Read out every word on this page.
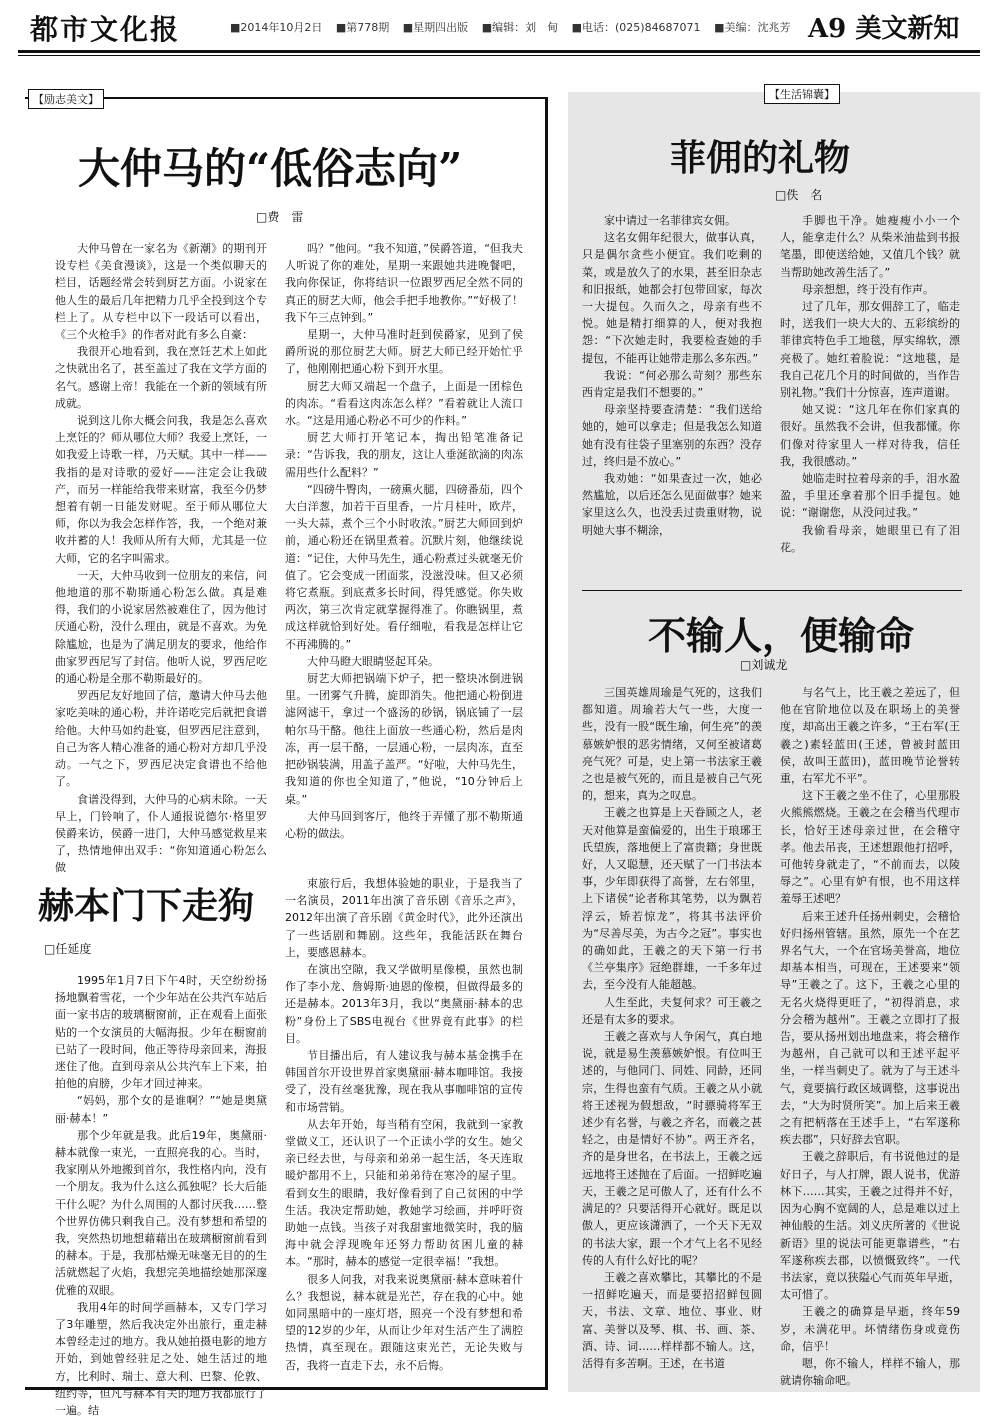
都市文化报	■2014年10月2日 ■第778期 ■星期四出版 ■编辑：刘　甸 ■电话：(025)84687071 ■美编：沈兆芳 A9 美文新知
【励志美文】	【生活锦囊】
大仲马的“低俗志向”
□费　雷

大仲马曾在一家名为《新潮》的期刊开设专栏《美食漫谈》，这是一个类似聊天的栏目，话题经常会转到厨艺方面。小说家在他人生的最后几年把精力几乎全投到这个专栏上了。从专栏中以下一段话可以看出，《三个火枪手》的作者对此有多么自豪：

我很开心地看到，我在烹饪艺术上如此之快就出名了，甚至盖过了我在文学方面的名气。感谢上帝！我能在一个新的领域有所成就。

说到这儿你大概会问我，我是怎么喜欢上烹饪的？师从哪位大师？我爱上烹饪，一如我爱上诗歌一样，乃天赋。其中一样——我指的是对诗歌的爱好——注定会让我破产，而另一样能给我带来财富，我至今仍梦想着有朝一日能发财呢。至于师从哪位大师，你以为我会怎样作答，我，一个绝对兼收并蓄的人！我师从所有大师，尤其是一位大师，它的名字叫需求。

一天，大仲马收到一位朋友的来信，问他地道的那不勒斯通心粉怎么做。真是难得，我们的小说家居然被难住了，因为他讨厌通心粉，没什么理由，就是不喜欢。为免除尴尬，也是为了满足朋友的要求，他给作曲家罗西尼写了封信。他听人说，罗西尼吃的通心粉是全那不勒斯最好的。

罗西尼友好地回了信，邀请大仲马去他家吃美味的通心粉，并许诺吃完后就把食谱给他。大仲马如约赴宴，但罗西尼注意到，自己为客人精心准备的通心粉对方却几乎没动。一气之下，罗西尼决定食谱也不给他了。

食谱没得到，大仲马的心病未除。一天早上，门铃响了，仆人通报说德尔·格里罗侯爵来访，侯爵一进门，大仲马感觉救星来了，热情地伸出双手：“你知道通心粉怎么做

吗？”他问。“我不知道，”侯爵答道，“但我夫人听说了你的难处，星期一来跟她共进晚餐吧，我向你保证，你将结识一位跟罗西尼全然不同的真正的厨艺大师，他会手把手地教你。”“好极了！我下午三点钟到。”

星期一，大仲马准时赶到侯爵家，见到了侯爵所说的那位厨艺大师。厨艺大师已经开始忙乎了，他刚刚把通心粉下到开水里。

厨艺大师又端起一个盘子，上面是一团棕色的肉冻。“看看这肉冻怎么样？”看着就让人流口水。“这是用通心粉必不可少的作料。”

厨艺大师打开笔记本，掏出铅笔准备记录：“告诉我，我的朋友，这让人垂涎欲滴的肉冻需用些什么配料？”

“四磅牛臀肉，一磅熏火腿，四磅番茄，四个大白洋葱，加若干百里香，一片月桂叶，欧芹，一头大蒜，煮个三个小时收浓。”厨艺大师回到炉前，通心粉还在锅里煮着。沉默片刻，他继续说道：“记住，大仲马先生，通心粉煮过头就毫无价值了。它会变成一团面浆，没滋没味。但又必须将它煮瓶。到底煮多长时间，得凭感觉。你失败两次，第三次肯定就掌握得准了。你瞧锅里，煮成这样就恰到好处。看仔细啦，看我是怎样让它不再沸腾的。”

大仲马瞪大眼睛竖起耳朵。

厨艺大师把锅端下炉子，把一整块冰倒进锅里。一团雾气升腾，旋即消失。他把通心粉倒进滤网滤干，拿过一个盛汤的砂锅，锅底铺了一层帕尔马干酪。他往上面放一些通心粉，然后是肉冻，再一层干酪，一层通心粉，一层肉冻，直至把砂锅装满，用盖子盖严。“好啦，大仲马先生，我知道的你也全知道了，”他说，“10分钟后上桌。”

大仲马回到客厅，他终于弄懂了那不勒斯通心粉的做法。

赫本门下走狗
□任延度

1995年1月7日下午4时，天空纷纷扬扬地飘着雪花，一个少年站在公共汽车站后面一家书店的玻璃橱窗前，正在观看上面张贴的一个女演员的大幅海报。少年在橱窗前已站了一段时间，他正等待母亲回来，海报迷住了他。直到母亲从公共汽车上下来，拍拍他的肩膀，少年才回过神来。

“妈妈，那个女的是谁啊？”“她是奥黛丽·赫本！”

那个少年就是我。此后19年，奥黛丽·赫本就像一束光，一直照亮我的心。当时，我家刚从外地搬到首尔，我性格内向，没有一个朋友。我为什么这么孤独呢？长大后能干什么呢？为什么周围的人都讨厌我……整个世界仿佛只剩我自己。没有梦想和希望的我，突然热切地想藉藉出在玻璃橱窗前看到的赫本。于是，我那枯燥无味毫无目的的生活就燃起了火焰，我想完美地描绘她那深邃优雅的双眼。

我用4年的时间学画赫本，又专门学习了3年雕塑，然后我决定外出旅行，重走赫本曾经走过的地方。我从她拍摄电影的地方开始，到她曾经驻足之处、她生活过的地方，比利时、瑞士、意大利、巴黎、伦敦、纽约等，但凡与赫本有关的地方我都旅行了一遍。结

束旅行后，我想体验她的职业，于是我当了一名演员，2011年出演了音乐剧《音乐之声》，2012年出演了音乐剧《黄金时代》，此外还演出了一些话剧和舞剧。这些年，我能活跃在舞台上，要感恩赫本。

在演出空隙，我又学做明星像模，虽然也制作了李小龙、詹姆斯·迪恩的像模，但做得最多的还是赫本。2013年3月，我以“奥黛丽·赫本的忠粉”身份上了SBS电视台《世界竟有此事》的栏目。

节目播出后，有人建议我与赫本基金携手在韩国首尔开设世界首家奥黛丽·赫本咖啡馆。我接受了，没有丝毫犹豫，现在我从事咖啡馆的宣传和市场营销。

从去年开始，每当稍有空闲，我就到一家教堂做义工，还认识了一个正读小学的女生。她父亲已经去世，与母亲和弟弟一起生活，冬天连取暖炉都用不上，只能和弟弟待在寒冷的屋子里。看到女生的眼睛，我好像看到了自己贫困的中学生活。我决定帮助她，教她学习绘画，并呼吁资助她一点钱。当孩子对我甜蜜地微笑时，我的脑海中就会浮现晚年还努力帮助贫困儿童的赫本。“那时，赫本的感觉一定很幸福！”我想。

很多人问我，对我来说奥黛丽·赫本意味着什么？我想说，赫本就是光芒，存在我的心中。她如同黑暗中的一座灯塔，照亮一个没有梦想和希望的12岁的少年，从而让少年对生活产生了满腔热情，真至现在。跟随这束光芒，无论失败与否，我将一直走下去，永不后悔。

菲佣的礼物
□佚　名

家中请过一名菲律宾女佣。

这名女佣年纪很大，做事认真，只是偶尔贪些小便宜。我们吃剩的菜，或是放久了的水果，甚至旧杂志和旧报纸，她都会打包带回家，每次一大提包。久而久之，母亲有些不悦。她是精打细算的人，便对我抱怨：“下次她走时，我要检查她的手提包，不能再让她带走那么多东西。”

我说：“何必那么苛刻？那些东西肯定是我们不想要的。”

母亲坚持要查清楚：“我们送给她的，她可以拿走；但是我怎么知道她有没有往袋子里塞别的东西？没存过，终归是不放心。”

我劝她：“如果查过一次，她必然尴尬，以后还怎么见面做事？她来家里这么久，也没丢过贵重财物，说明她大事不糊涂，

手脚也干净。她瘦瘦小小一个人，能拿走什么？从柴米油盐到书报笔墨，即使送给她，又值几个钱？就当帮助她改善生活了。”

母亲想想，终于没有作声。

过了几年，那女佣辞工了，临走时，送我们一块大大的、五彩缤纷的菲律宾特色手工地毯，厚实绵软，漂亮极了。她红着脸说：“这地毯，是我自己花几个月的时间做的，当作告别礼物。”我们十分惊喜，连声道谢。

她又说：“这几年在你们家真的很好。虽然我不会讲，但我都懂。你们像对待家里人一样对待我，信任我，我很感动。”

她临走时拉着母亲的手，泪水盈盈，手里还拿着那个旧手提包。她说：“谢谢您，从没问过我。”

我偷看母亲，她眼里已有了泪花。

不输人，便输命
□刘诚龙

三国英雄周瑜是气死的，这我们都知道。周瑜若大气一些，大度一些，没有一股“既生瑜，何生亮”的羡慕嫉妒恨的恶劣情绪，又何至被诸葛亮气死？可是，史上第一书法家王羲之也是被气死的，而且是被自己气死的，想来，真为之叹息。

王羲之也算是上天眷顾之人，老天对他算是蛮偏爱的，出生于琅琊王氏望族，落地便上了富贵籍；身世既好，人又聪慧，还天赋了一门书法本事，少年即获得了高誉，左右邻里，上下诸侯“论者称其笔势，以为飘若浮云，矫若惊龙”，将其书法评价为“尽善尽美，为古今之冠”。事实也的确如此，王羲之的天下第一行书《兰亭集序》冠绝群雄，一千多年过去，至今没有人能超越。

人生至此，夫复何求？可王羲之还是有太多的要求。

王羲之喜欢与人争闲气，真白地说，就是易生羡慕嫉妒恨。有位叫王述的，与他同门、同姓、同龄，还同宗，生得也蛮有气质。王羲之从小就将王述视为假想敌，“时骠骑将军王述少有名誉，与羲之齐名，而羲之甚轻之，由是情好不协”。两王齐名，齐的是身世名，在书法上，王羲之远远地将王述抛在了后面。一招鲜吃遍天，王羲之足可傲人了，还有什么不满足的？只要活得开心就好。既足以傲人，更应该潇洒了，一个天下无双的书法大家，跟一个才气上名不见经传的人有什么好比的呢？

王羲之喜欢攀比，其攀比的不是一招鲜吃遍天，而是要招招鲜包圆天，书法、文章、地位、事业、财富、美誉以及琴、棋、书、画、茶、酒、诗、词……样样都不输人。这，活得有多苦啊。王述，在书道

与名气上，比王羲之差远了，但他在官阶地位以及在职场上的美誉度，却高出王羲之许多，“王右军(王羲之)素轻蓝田(王述，曾被封蓝田侯，故叫王蓝田)，蓝田晚节论誉转重，右军尤不平”。

这下王羲之坐不住了，心里那股火熊熊燃烧。王羲之在会稽当代理市长，恰好王述母亲过世，在会稽守孝。他去吊丧，王述想跟他打招呼，可他转身就走了，“不前而去，以陵辱之”。心里有妒有恨，也不用这样羞辱王述吧？

后来王述升任扬州刺史，会稽恰好归扬州管辖。虽然，原先一个在艺界名气大，一个在官场美誉高，地位却基本相当，可现在，王述要来“领导”王羲之了。这下，王羲之心里的无名火烧得更旺了，“初得消息，求分会稽为越州”。王羲之立即打了报告，要从扬州划出地盘来，将会稽作为越州，自己就可以和王述平起平坐，一样当刺史了。就为了与王述斗气，竟要搞行政区域调整，这事说出去，“大为时贤所笑”。加上后来王羲之有把柄落在王述手上，“右军遂称疾去郡”，只好辞去官职。

王羲之辞职后，有书说他过的是好日子，与人打牌，跟人说书，优游林下……其实，王羲之过得并不好，因为心胸不宽阔的人，总是难以过上神仙般的生活。刘义庆所著的《世说新语》里的说法可能更靠谱些，“右军遂称疾去郡，以愤慨致终”。一代书法家，竟以狭隘心气而英年早逝，太可惜了。

王羲之的确算是早逝，终年59岁，未满花甲。坏情绪伤身或竟伤命，信乎！

嗯，你不输人，样样不输人，那就请你输命吧。
